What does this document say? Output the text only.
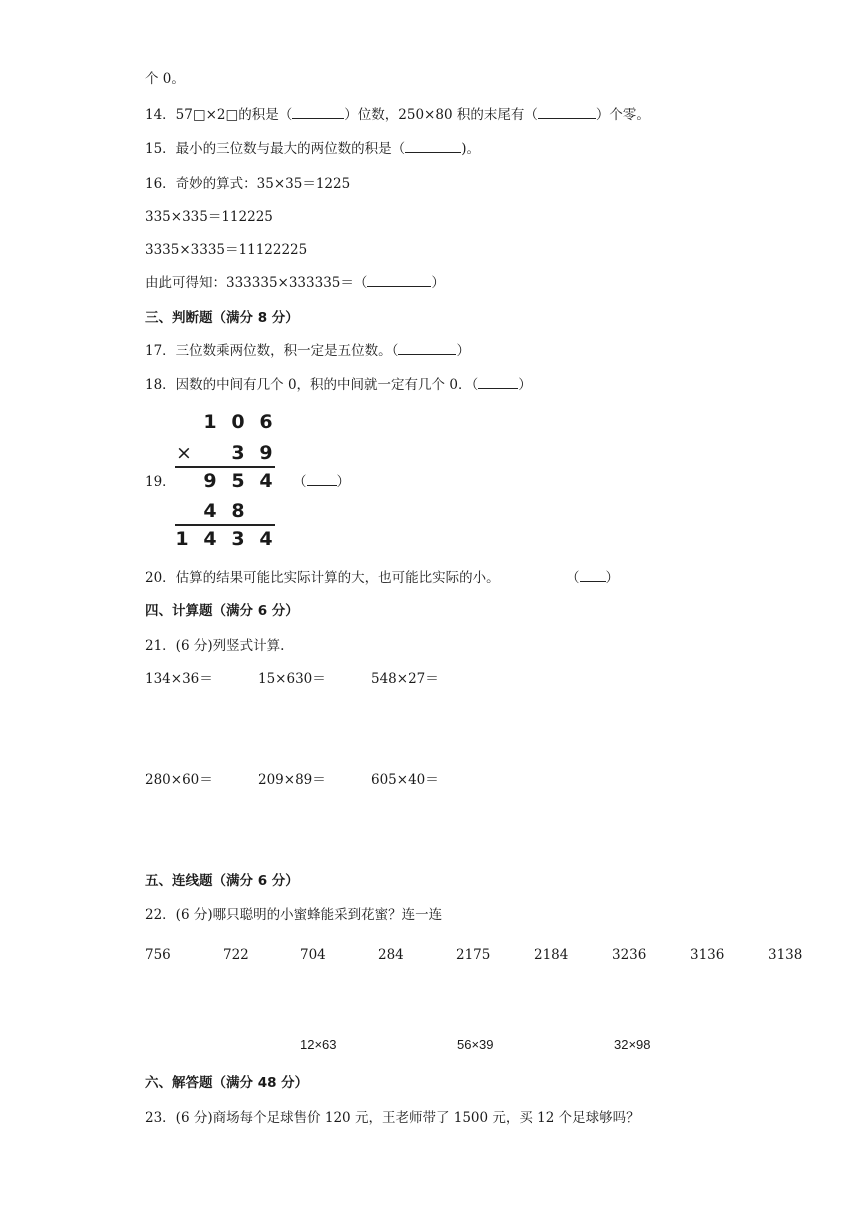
个 0。
14．57□×2□的积是（	）位数，250×80 积的末尾有（	）个零。
15．最小的三位数与最大的两位数的积是（	)。
16．奇妙的算式：35×35＝1225
335×335＝112225
3335×3335＝11122225
由此可得知：333335×333335＝（	）
三、判断题（满分 8 分）
17．三位数乘两位数，积一定是五位数。（	）
18．因数的中间有几个 0，积的中间就一定有几个 0．（	）
19．
1 0 6
× 3 9
9 5 4
4 8
1 4 3 4
（ ）
20．估算的结果可能比实际计算的大，也可能比实际的小。	（ ）
四、计算题（满分 6 分）
21．(6 分)列竖式计算.
134×36＝	15×630＝	548×27＝
280×60＝	209×89＝	605×40＝
五、连线题（满分 6 分）
22．(6 分)哪只聪明的小蜜蜂能采到花蜜？连一连
756	722	704	284	2175	2184	3236	3136	3138
12×63	56×39	32×98
六、解答题（满分 48 分）
23．(6 分)商场每个足球售价 120 元，王老师带了 1500 元，买 12 个足球够吗？
